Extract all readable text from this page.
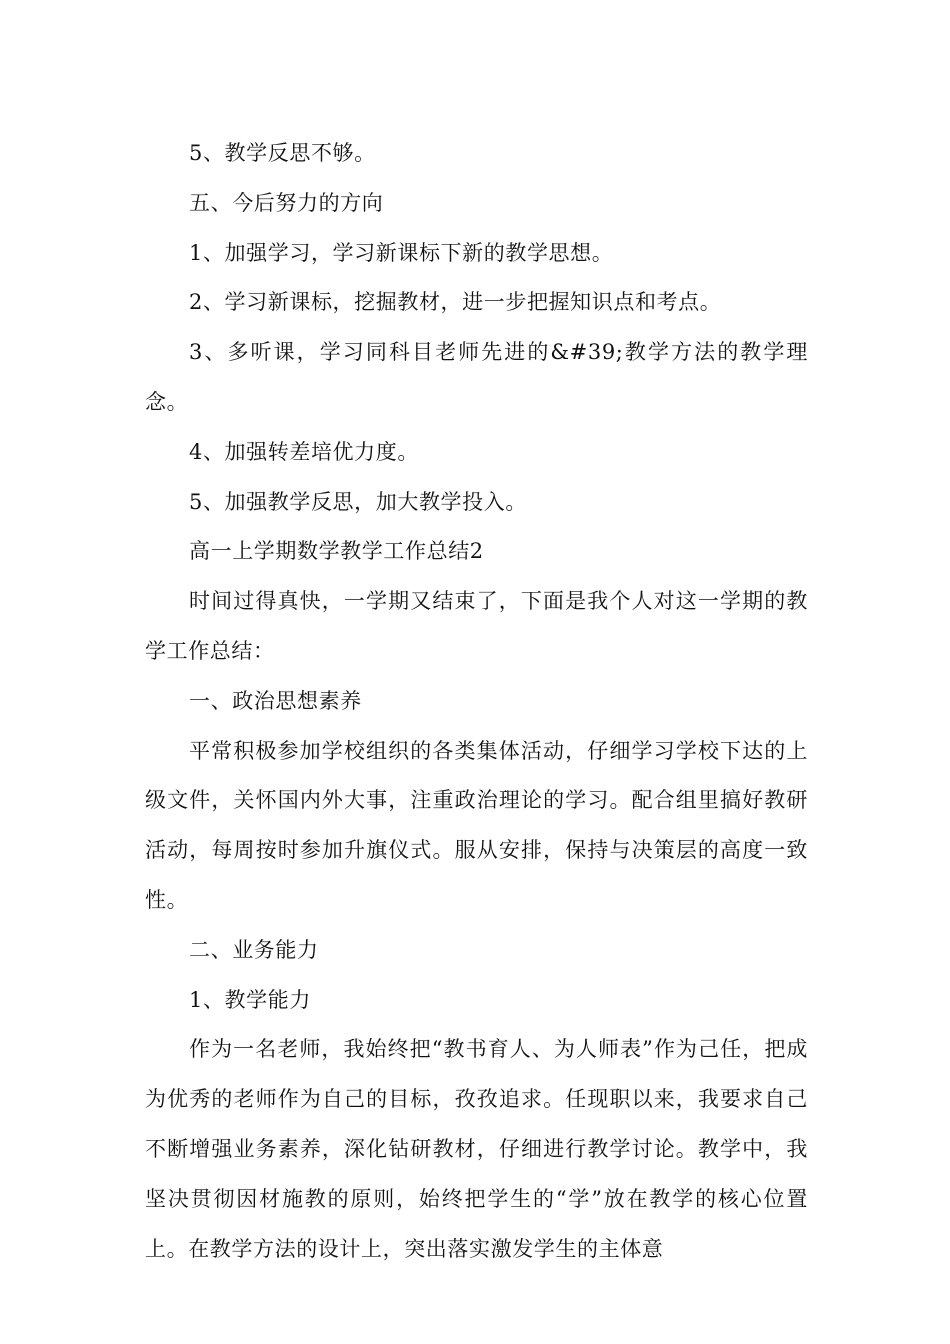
5、教学反思不够。

五、今后努力的方向

1、加强学习，学习新课标下新的教学思想。

2、学习新课标，挖掘教材，进一步把握知识点和考点。

3、多听课，学习同科目老师先进的&#39;教学方法的教学理念。

4、加强转差培优力度。

5、加强教学反思，加大教学投入。

高一上学期数学教学工作总结2

时间过得真快，一学期又结束了，下面是我个人对这一学期的教学工作总结：

一、政治思想素养

平常积极参加学校组织的各类集体活动，仔细学习学校下达的上级文件，关怀国内外大事，注重政治理论的学习。配合组里搞好教研活动，每周按时参加升旗仪式。服从安排，保持与决策层的高度一致性。

二、业务能力

1、教学能力

作为一名老师，我始终把“教书育人、为人师表”作为己任，把成为优秀的老师作为自己的目标，孜孜追求。任现职以来，我要求自己不断增强业务素养，深化钻研教材，仔细进行教学讨论。教学中，我坚决贯彻因材施教的原则，始终把学生的“学”放在教学的核心位置上。在教学方法的设计上，突出落实激发学生的主体意
